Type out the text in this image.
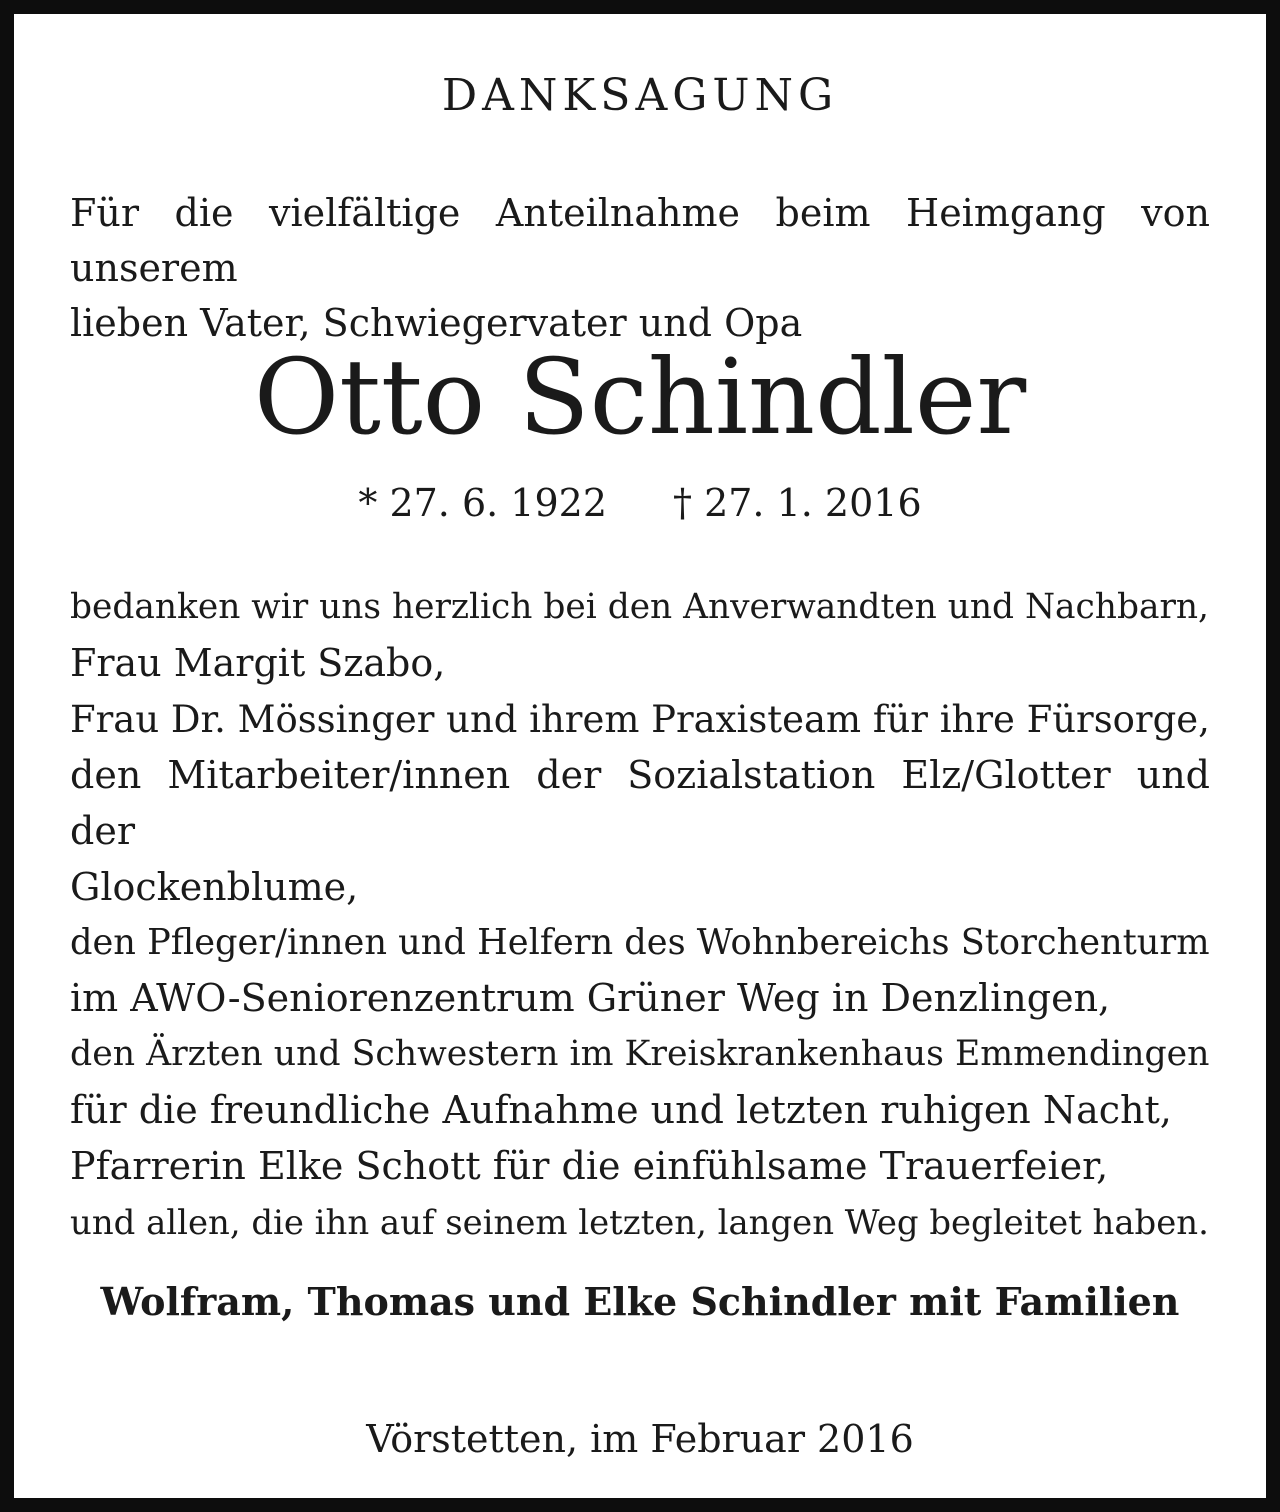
DANKSAGUNG

Für die vielfältige Anteilnahme beim Heimgang von unserem
lieben Vater, Schwiegervater und Opa

Otto Schindler
* 27. 6. 1922 † 27. 1. 2016

bedanken wir uns herzlich bei den Anverwandten und Nachbarn,
Frau Margit Szabo,
Frau Dr. Mössinger und ihrem Praxisteam für ihre Fürsorge,
den Mitarbeiter/innen der Sozialstation Elz/Glotter und der
Glockenblume,
den Pfleger/innen und Helfern des Wohnbereichs Storchenturm
im AWO-Seniorenzentrum Grüner Weg in Denzlingen,
den Ärzten und Schwestern im Kreiskrankenhaus Emmendingen
für die freundliche Aufnahme und letzten ruhigen Nacht,
Pfarrerin Elke Schott für die einfühlsame Trauerfeier,
und allen, die ihn auf seinem letzten, langen Weg begleitet haben.

Wolfram, Thomas und Elke Schindler mit Familien
Vörstetten, im Februar 2016
